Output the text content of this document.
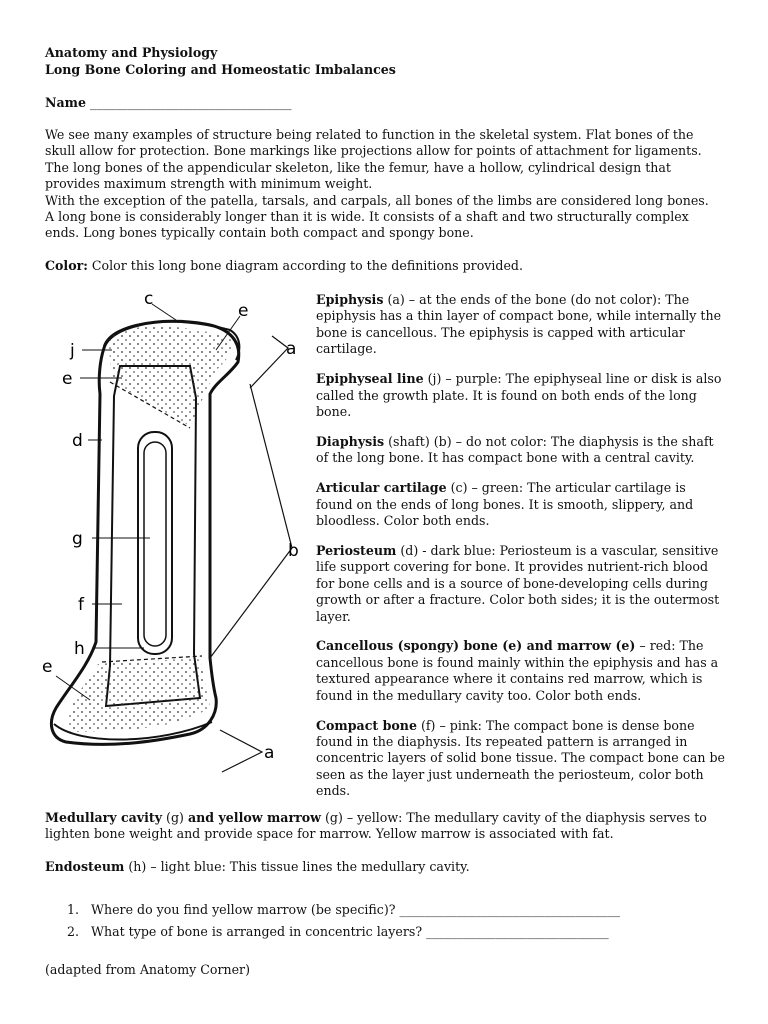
Anatomy and Physiology
Long Bone Coloring and Homeostatic Imbalances
Name ________________________________
We see many examples of structure being related to function in the skeletal system. Flat bones of the
skull allow for protection. Bone markings like projections allow for points of attachment for ligaments.
The long bones of the appendicular skeleton, like the femur, have a hollow, cylindrical design that
provides maximum strength with minimum weight.
With the exception of the patella, tarsals, and carpals, all bones of the limbs are considered long bones.
A long bone is considerably longer than it is wide. It consists of a shaft and two structurally complex
ends. Long bones typically contain both compact and spongy bone.
Color: Color this long bone diagram according to the definitions provided.
c
e
a
j
e
d
g
b
f
h
e
a
Epiphysis (a) – at the ends of the bone (do not color): The epiphysis has a thin layer of compact bone, while internally the bone is cancellous. The epiphysis is capped with articular cartilage.
Epiphyseal line (j) – purple: The epiphyseal line or disk is also called the growth plate. It is found on both ends of the long bone.
Diaphysis (shaft) (b) – do not color: The diaphysis is the shaft of the long bone. It has compact bone with a central cavity.
Articular cartilage (c) – green: The articular cartilage is found on the ends of long bones. It is smooth, slippery, and bloodless. Color both ends.
Periosteum (d) - dark blue: Periosteum is a vascular, sensitive life support covering for bone. It provides nutrient-rich blood for bone cells and is a source of bone-developing cells during growth or after a fracture. Color both sides; it is the outermost layer.
Cancellous (spongy) bone (e) and marrow (e) – red: The cancellous bone is found mainly within the epiphysis and has a textured appearance where it contains red marrow, which is found in the medullary cavity too. Color both ends.
Compact bone (f) – pink: The compact bone is dense bone found in the diaphysis. Its repeated pattern is arranged in concentric layers of solid bone tissue. The compact bone can be seen as the layer just underneath the periosteum, color both ends.
Medullary cavity (g) and yellow marrow (g) – yellow: The medullary cavity of the diaphysis serves to lighten bone weight and provide space for marrow. Yellow marrow is associated with fat.
Endosteum (h) – light blue: This tissue lines the medullary cavity.
1. Where do you find yellow marrow (be specific)? ___________________________________
2. What type of bone is arranged in concentric layers? _____________________________
(adapted from Anatomy Corner)
